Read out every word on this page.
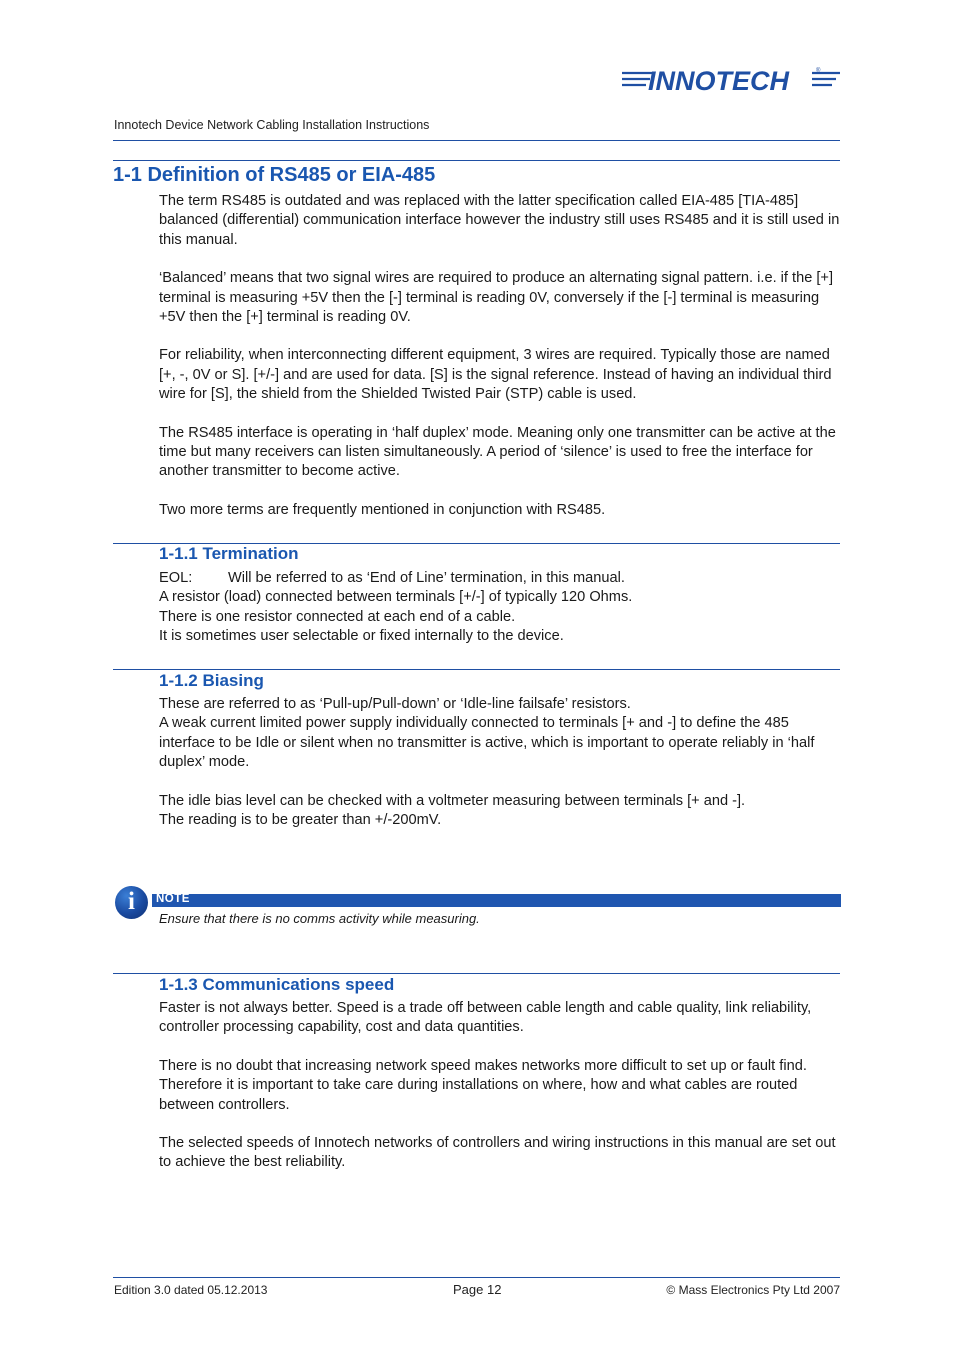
INNOTECH	®
Innotech Device Network Cabling Installation Instructions
1-1 Definition of RS485 or EIA-485

The term RS485 is outdated and was replaced with the latter specification called EIA-485 [TIA-485] balanced (differential) communication interface however the industry still uses RS485 and it is still used in this manual.

‘Balanced’ means that two signal wires are required to produce an alternating signal pattern. i.e. if the [+] terminal is measuring +5V then the [-] terminal is reading 0V, conversely if the [-] terminal is measuring +5V then the [+] terminal is reading 0V.

For reliability, when interconnecting different equipment, 3 wires are required. Typically those are named [+, -, 0V or S]. [+/-] and are used for data. [S] is the signal reference. Instead of having an individual third wire for [S], the shield from the Shielded Twisted Pair (STP) cable is used.

The RS485 interface is operating in ‘half duplex’ mode. Meaning only one transmitter can be active at the time but many receivers can listen simultaneously. A period of ‘silence’ is used to free the interface for another transmitter to become active.

Two more terms are frequently mentioned in conjunction with RS485.

1-1.1 Termination
EOL:	Will be referred to as ‘End of Line’ termination, in this manual.

A resistor (load) connected between terminals [+/-] of typically 120 Ohms.

There is one resistor connected at each end of a cable.

It is sometimes user selectable or fixed internally to the device.

1-1.2 Biasing

These are referred to as ‘Pull-up/Pull-down’ or ‘Idle-line failsafe’ resistors.

A weak current limited power supply individually connected to terminals [+ and -] to define the 485 interface to be Idle or silent when no transmitter is active, which is important to operate reliably in ‘half duplex’ mode.

The idle bias level can be checked with a voltmeter measuring between terminals [+ and -].

The reading is to be greater than +/-200mV.

i	NOTE
Ensure that there is no comms activity while measuring.
1-1.3 Communications speed

Faster is not always better. Speed is a trade off between cable length and cable quality, link reliability, controller processing capability, cost and data quantities.

There is no doubt that increasing network speed makes networks more difficult to set up or fault find. Therefore it is important to take care during installations on where, how and what cables are routed between controllers.

The selected speeds of Innotech networks of controllers and wiring instructions in this manual are set out to achieve the best reliability.

Edition 3.0 dated 05.12.2013	Page 12	© Mass Electronics Pty Ltd 2007
